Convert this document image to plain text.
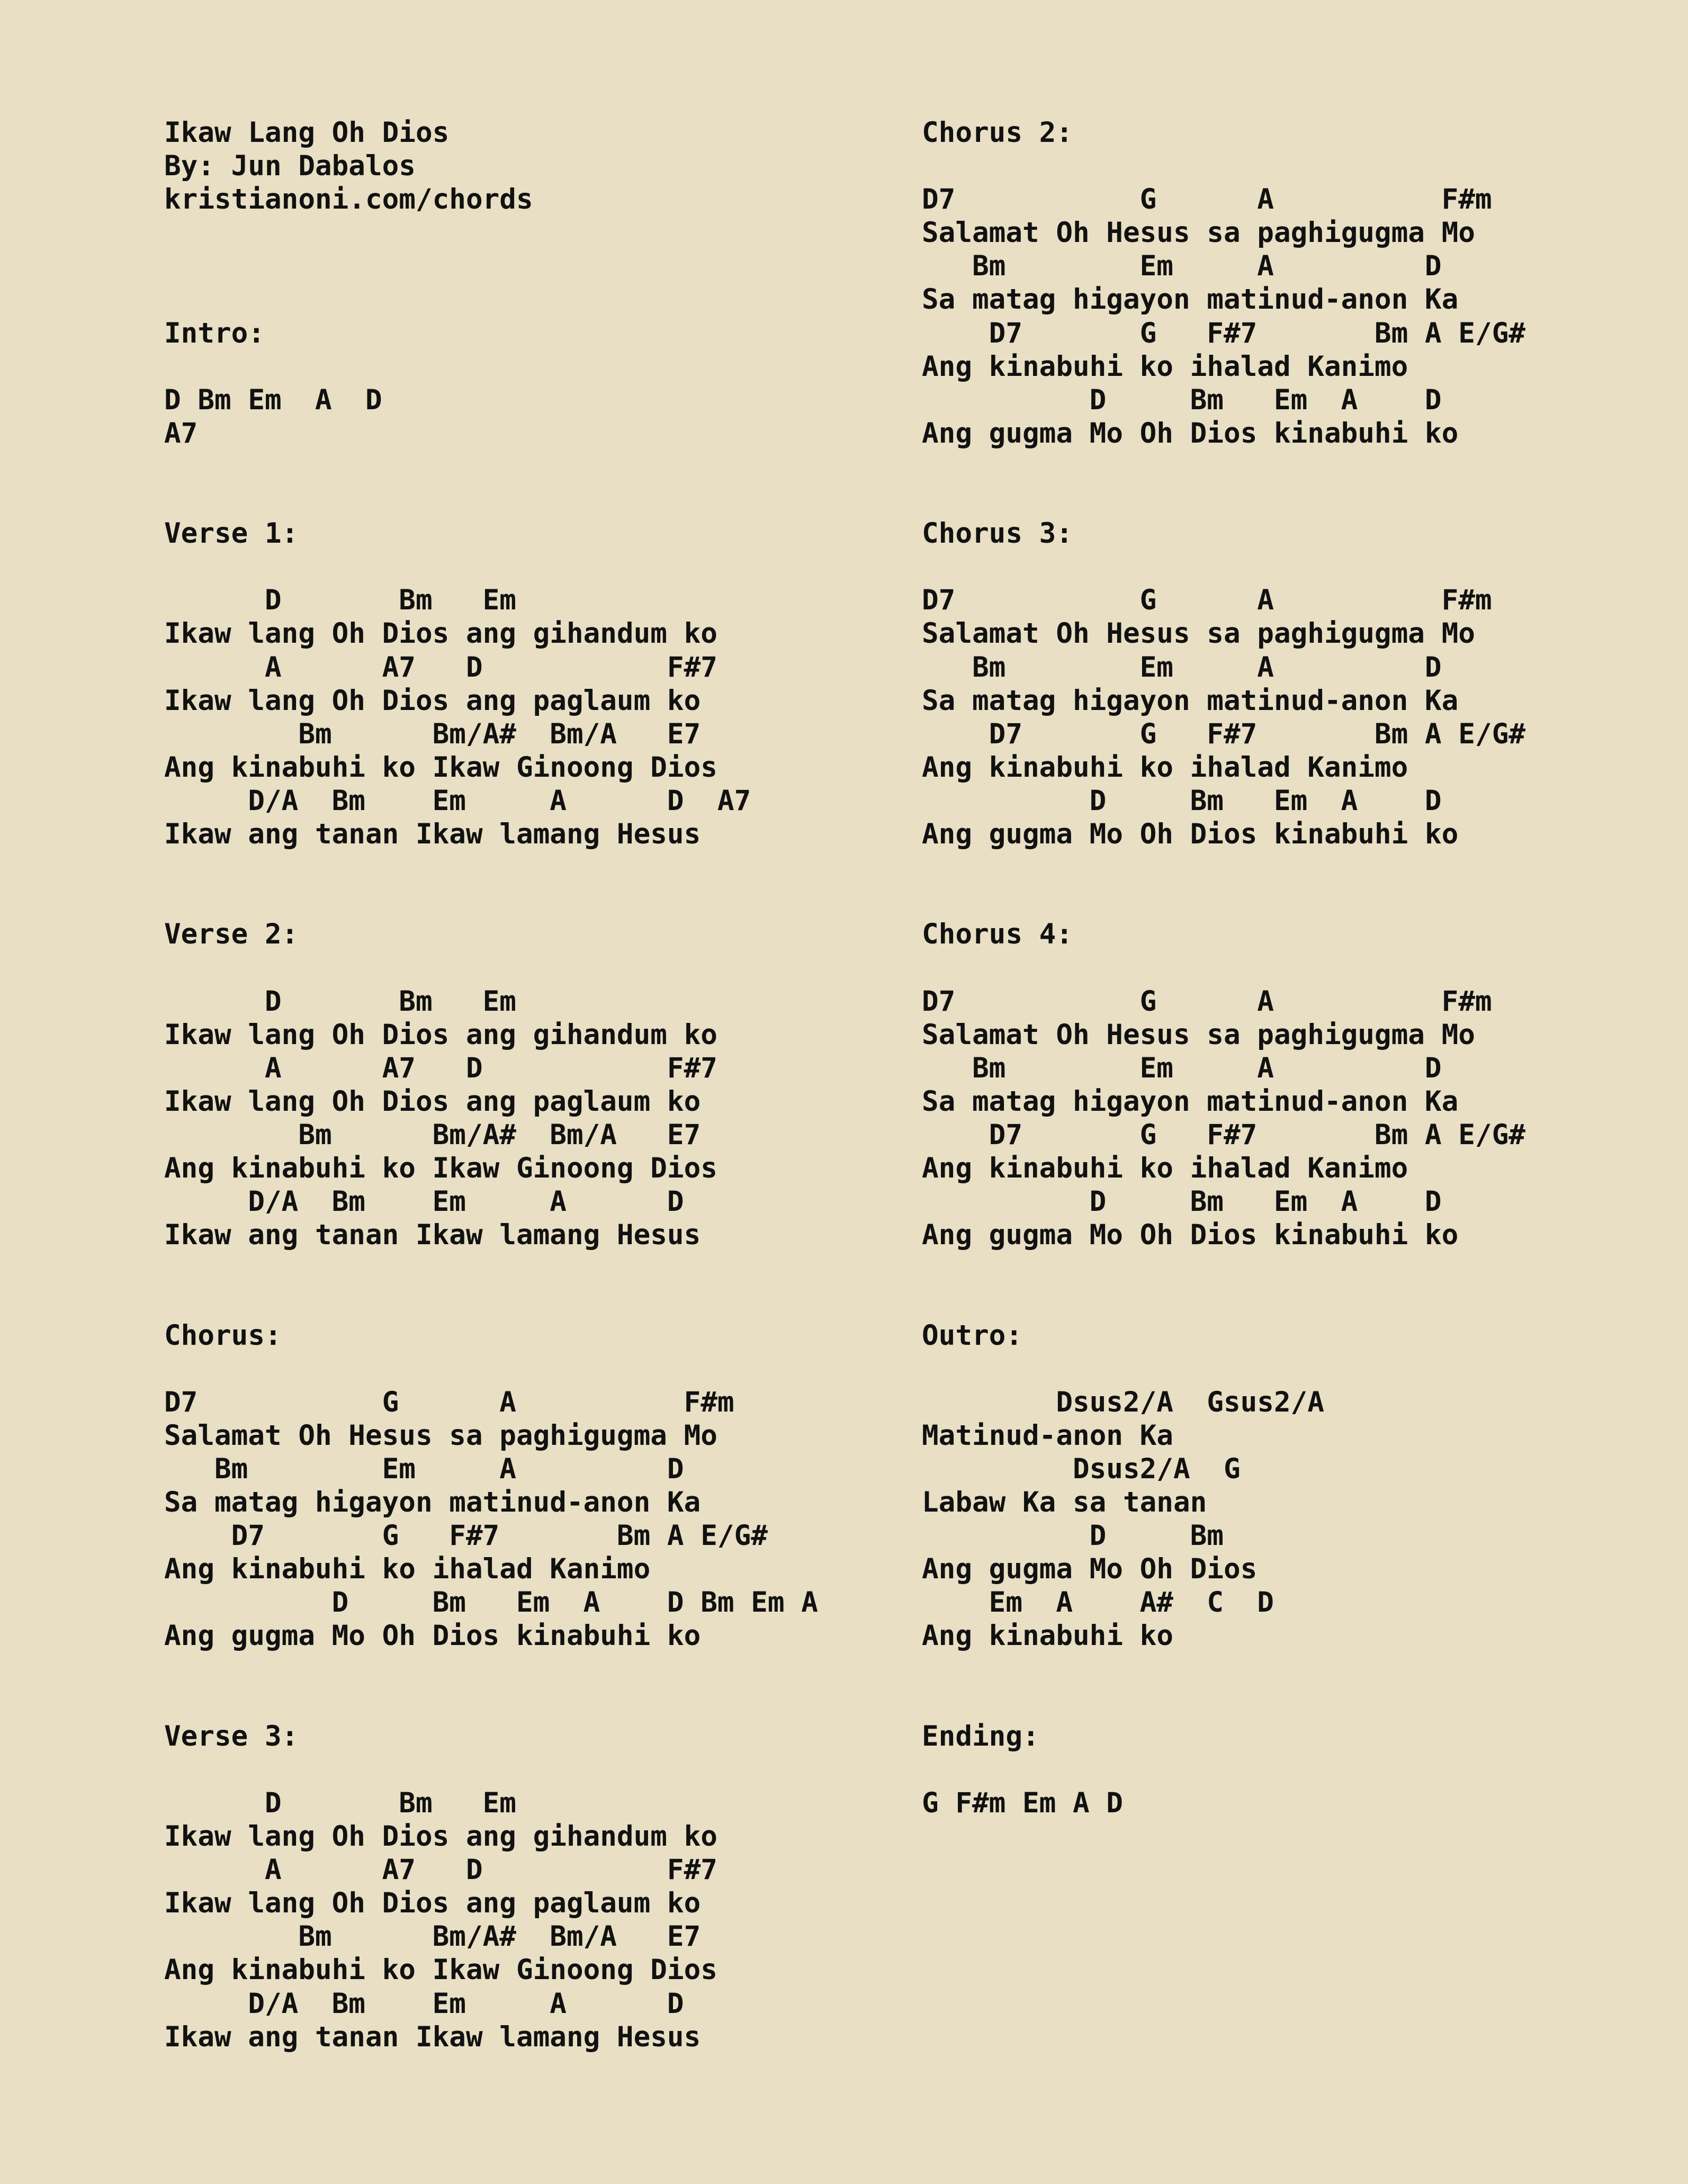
Ikaw Lang Oh Dios
By: Jun Dabalos
kristianoni.com/chords
Intro:
D Bm Em  A  D
A7
Verse 1:
D       Bm   Em
Ikaw lang Oh Dios ang gihandum ko
A      A7   D           F#7
Ikaw lang Oh Dios ang paglaum ko
Bm      Bm/A#  Bm/A   E7
Ang kinabuhi ko Ikaw Ginoong Dios
D/A  Bm    Em     A      D  A7
Ikaw ang tanan Ikaw lamang Hesus
Verse 2:
D       Bm   Em
Ikaw lang Oh Dios ang gihandum ko
A      A7   D           F#7
Ikaw lang Oh Dios ang paglaum ko
Bm      Bm/A#  Bm/A   E7
Ang kinabuhi ko Ikaw Ginoong Dios
D/A  Bm    Em     A      D
Ikaw ang tanan Ikaw lamang Hesus
Chorus:
D7           G      A          F#m
Salamat Oh Hesus sa paghigugma Mo
Bm        Em     A         D
Sa matag higayon matinud-anon Ka
D7       G   F#7       Bm A E/G#
Ang kinabuhi ko ihalad Kanimo
D     Bm   Em  A    D Bm Em A
Ang gugma Mo Oh Dios kinabuhi ko
Verse 3:
D       Bm   Em
Ikaw lang Oh Dios ang gihandum ko
A      A7   D           F#7
Ikaw lang Oh Dios ang paglaum ko
Bm      Bm/A#  Bm/A   E7
Ang kinabuhi ko Ikaw Ginoong Dios
D/A  Bm    Em     A      D
Ikaw ang tanan Ikaw lamang Hesus
Chorus 2:
D7           G      A          F#m
Salamat Oh Hesus sa paghigugma Mo
Bm        Em     A         D
Sa matag higayon matinud-anon Ka
D7       G   F#7       Bm A E/G#
Ang kinabuhi ko ihalad Kanimo
D     Bm   Em  A    D
Ang gugma Mo Oh Dios kinabuhi ko
Chorus 3:
D7           G      A          F#m
Salamat Oh Hesus sa paghigugma Mo
Bm        Em     A         D
Sa matag higayon matinud-anon Ka
D7       G   F#7       Bm A E/G#
Ang kinabuhi ko ihalad Kanimo
D     Bm   Em  A    D
Ang gugma Mo Oh Dios kinabuhi ko
Chorus 4:
D7           G      A          F#m
Salamat Oh Hesus sa paghigugma Mo
Bm        Em     A         D
Sa matag higayon matinud-anon Ka
D7       G   F#7       Bm A E/G#
Ang kinabuhi ko ihalad Kanimo
D     Bm   Em  A    D
Ang gugma Mo Oh Dios kinabuhi ko
Outro:
Dsus2/A  Gsus2/A
Matinud-anon Ka
Dsus2/A  G
Labaw Ka sa tanan
D     Bm
Ang gugma Mo Oh Dios
Em  A    A#  C  D
Ang kinabuhi ko
Ending:
G F#m Em A D
